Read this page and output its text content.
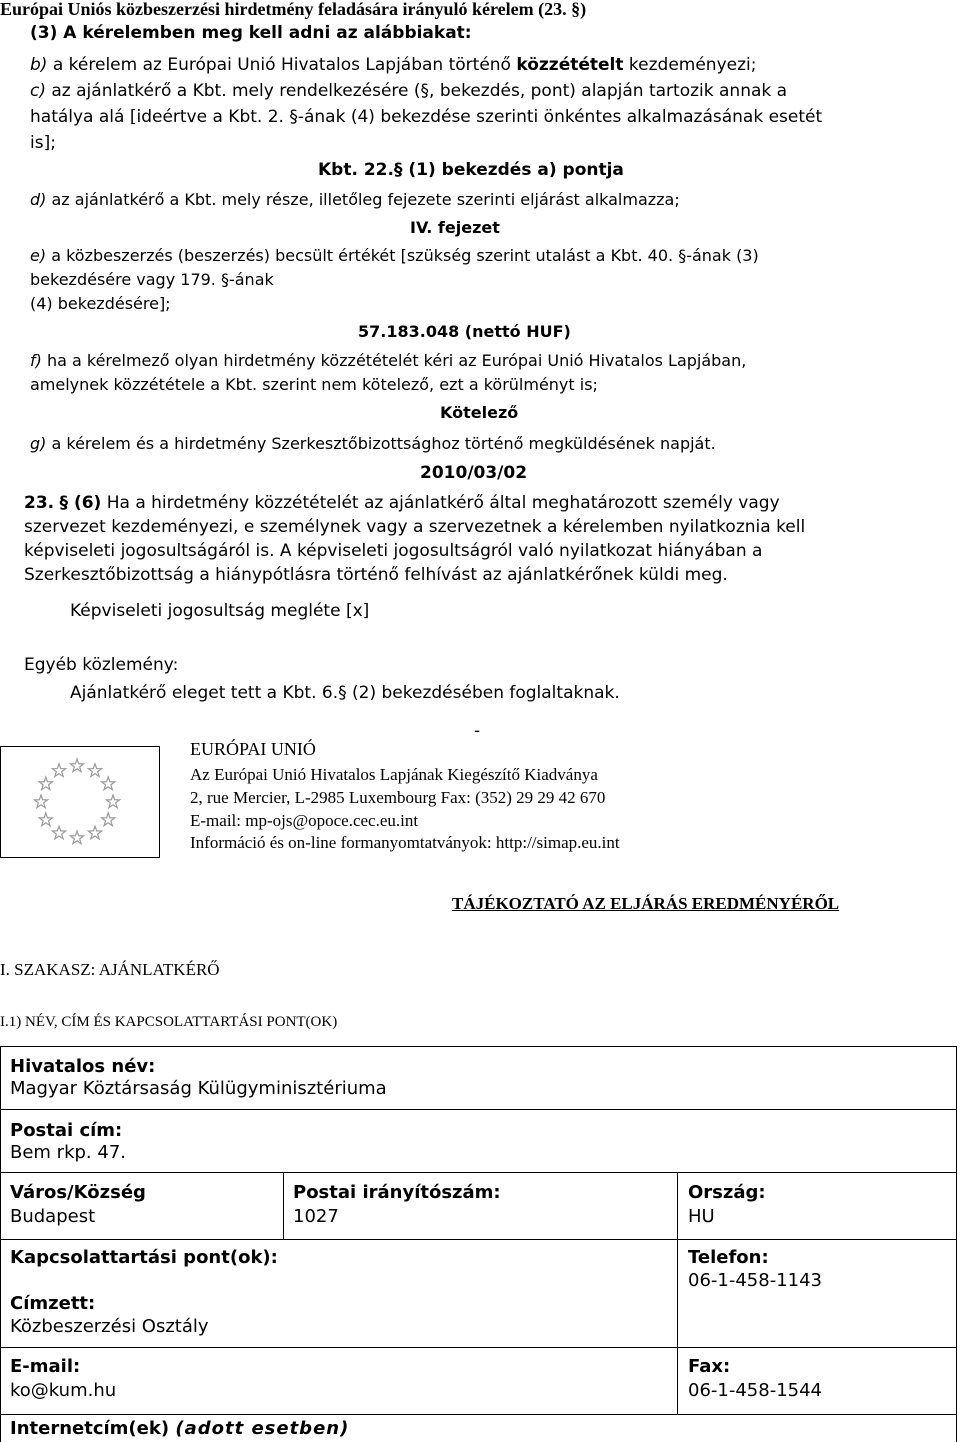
Európai Uniós közbeszerzési hirdetmény feladására irányuló kérelem (23. §)
(3) A kérelemben meg kell adni az alábbiakat:
b) a kérelem az Európai Unió Hivatalos Lapjában történő közzétételt kezdeményezi;
c) az ajánlatkérő a Kbt. mely rendelkezésére (§, bekezdés, pont) alapján tartozik annak a
hatálya alá [ideértve a Kbt. 2. §-ának (4) bekezdése szerinti önkéntes alkalmazásának esetét
is];
Kbt. 22.§ (1) bekezdés a) pontja
d) az ajánlatkérő a Kbt. mely része, illetőleg fejezete szerinti eljárást alkalmazza;
IV. fejezet
e) a közbeszerzés (beszerzés) becsült értékét [szükség szerint utalást a Kbt. 40. §-ának (3)
bekezdésére vagy 179. §-ának
(4) bekezdésére];
57.183.048 (nettó HUF)
f) ha a kérelmező olyan hirdetmény közzétételét kéri az Európai Unió Hivatalos Lapjában,
amelynek közzététele a Kbt. szerint nem kötelező, ezt a körülményt is;
Kötelező
g) a kérelem és a hirdetmény Szerkesztőbizottsághoz történő megküldésének napját.
2010/03/02
23. § (6) Ha a hirdetmény közzétételét az ajánlatkérő által meghatározott személy vagy
szervezet kezdeményezi, e személynek vagy a szervezetnek a kérelemben nyilatkoznia kell
képviseleti jogosultságáról is. A képviseleti jogosultságról való nyilatkozat hiányában a
Szerkesztőbizottság a hiánypótlásra történő felhívást az ajánlatkérőnek küldi meg.
Képviseleti jogosultság megléte [x]
Egyéb közlemény:
Ajánlatkérő eleget tett a Kbt. 6.§ (2) bekezdésében foglaltaknak.
-
EURÓPAI UNIÓ
Az Európai Unió Hivatalos Lapjának Kiegészítő Kiadványa
2, rue Mercier, L-2985 Luxembourg Fax: (352) 29 29 42 670
E-mail: mp-ojs@opoce.cec.eu.int
Információ és on-line formanyomtatványok: http://simap.eu.int
TÁJÉKOZTATÓ AZ ELJÁRÁS EREDMÉNYÉRŐL
I. SZAKASZ: AJÁNLATKÉRŐ
I.1) NÉV, CÍM ÉS KAPCSOLATTARTÁSI PONT(OK)
Hivatalos név:
Magyar Köztársaság Külügyminisztériuma
Postai cím:
Bem rkp. 47.
Város/Község
Budapest
Postai irányítószám:
1027
Ország:
HU
Kapcsolattartási pont(ok):
Címzett:
Közbeszerzési Osztály
Telefon:
06-1-458-1143
E-mail:
ko@kum.hu
Fax:
06-1-458-1544
Internetcím(ek) (adott esetben)
